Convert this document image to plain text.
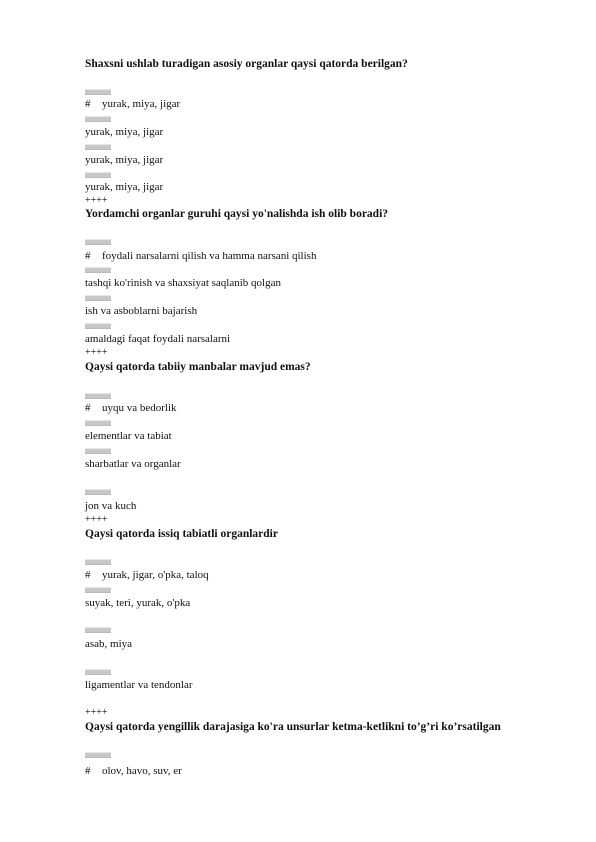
Shaxsni ushlab turadigan asosiy organlar qaysi qatorda berilgan?
# yurak, miya, jigar
yurak, miya, jigar
yurak, miya, jigar
yurak, miya, jigar
++++
Yordamchi organlar guruhi qaysi yo'nalishda ish olib boradi?
# foydali narsalarni qilish va hamma narsani qilish
tashqi ko'rinish va shaxsiyat saqlanib qolgan
ish va asboblarni bajarish
amaldagi faqat foydali narsalarni
++++
Qaysi qatorda tabiiy manbalar mavjud emas?
# uyqu va bedorlik
elementlar va tabiat
sharbatlar va organlar
jon va kuch
++++
Qaysi qatorda issiq tabiatli organlardir
# yurak, jigar, o'pka, taloq
suyak, teri, yurak, o'pka
asab, miya
ligamentlar va tendonlar
++++
Qaysi qatorda yengillik darajasiga ko'ra unsurlar ketma-ketlikni to’g’ri ko’rsatilgan
# olov, havo, suv, er
